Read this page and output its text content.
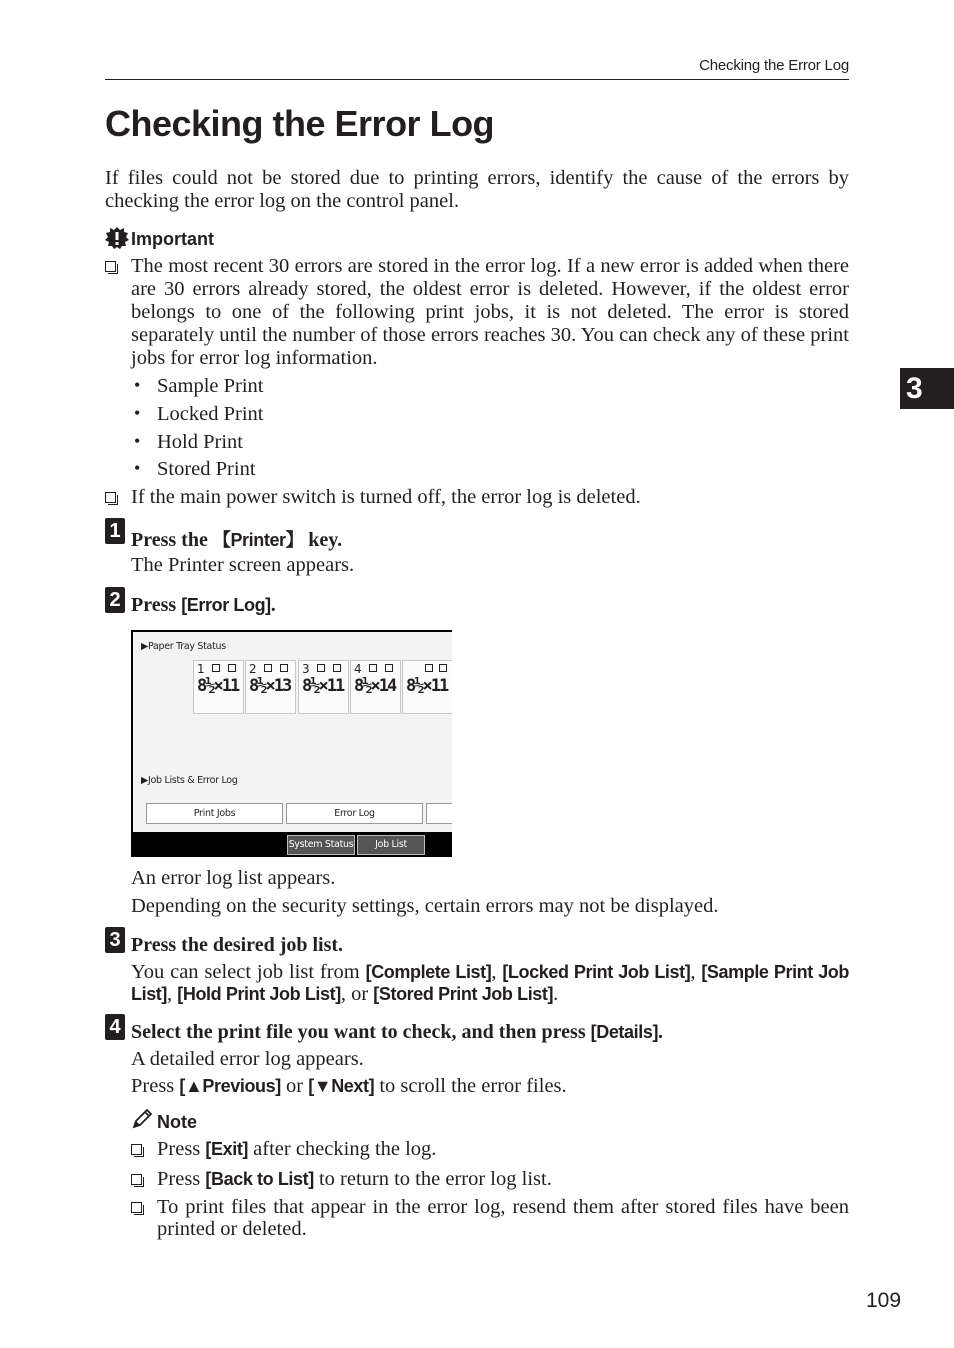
Checking the Error Log
Checking the Error Log
If files could not be stored due to printing errors, identify the cause of the errors by checking the error log on the control panel.
Important
The most recent 30 errors are stored in the error log. If a new error is added when there are 30 errors already stored, the oldest error is deleted. However, if the oldest error belongs to one of the following print jobs, it is not deleted. The error is stored separately until the number of those errors reaches 30. You can check any of these print jobs for error log information.
• Sample Print
• Locked Print
• Hold Print
• Stored Print
If the main power switch is turned off, the error log is deleted.
1 Press the 【Printer】 key.
The Printer screen appears.
2 Press [Error Log].
▶Paper Tray Status
1
8½×11
2
8½×13
3
8½×11
4
8½×14 8½×11
▶Job Lists & Error Log
Print Jobs	Error Log
System Status	Job List
An error log list appears.
Depending on the security settings, certain errors may not be displayed.
3 Press the desired job list.
You can select job list from [Complete List], [Locked Print Job List], [Sample Print Job List], [Hold Print Job List], or [Stored Print Job List].
4 Select the print file you want to check, and then press [Details].
A detailed error log appears.
Press [▲Previous] or [▼Next] to scroll the error files.
Note
Press [Exit] after checking the log.
Press [Back to List] to return to the error log list.
To print files that appear in the error log, resend them after stored files have been printed or deleted.
3
109
